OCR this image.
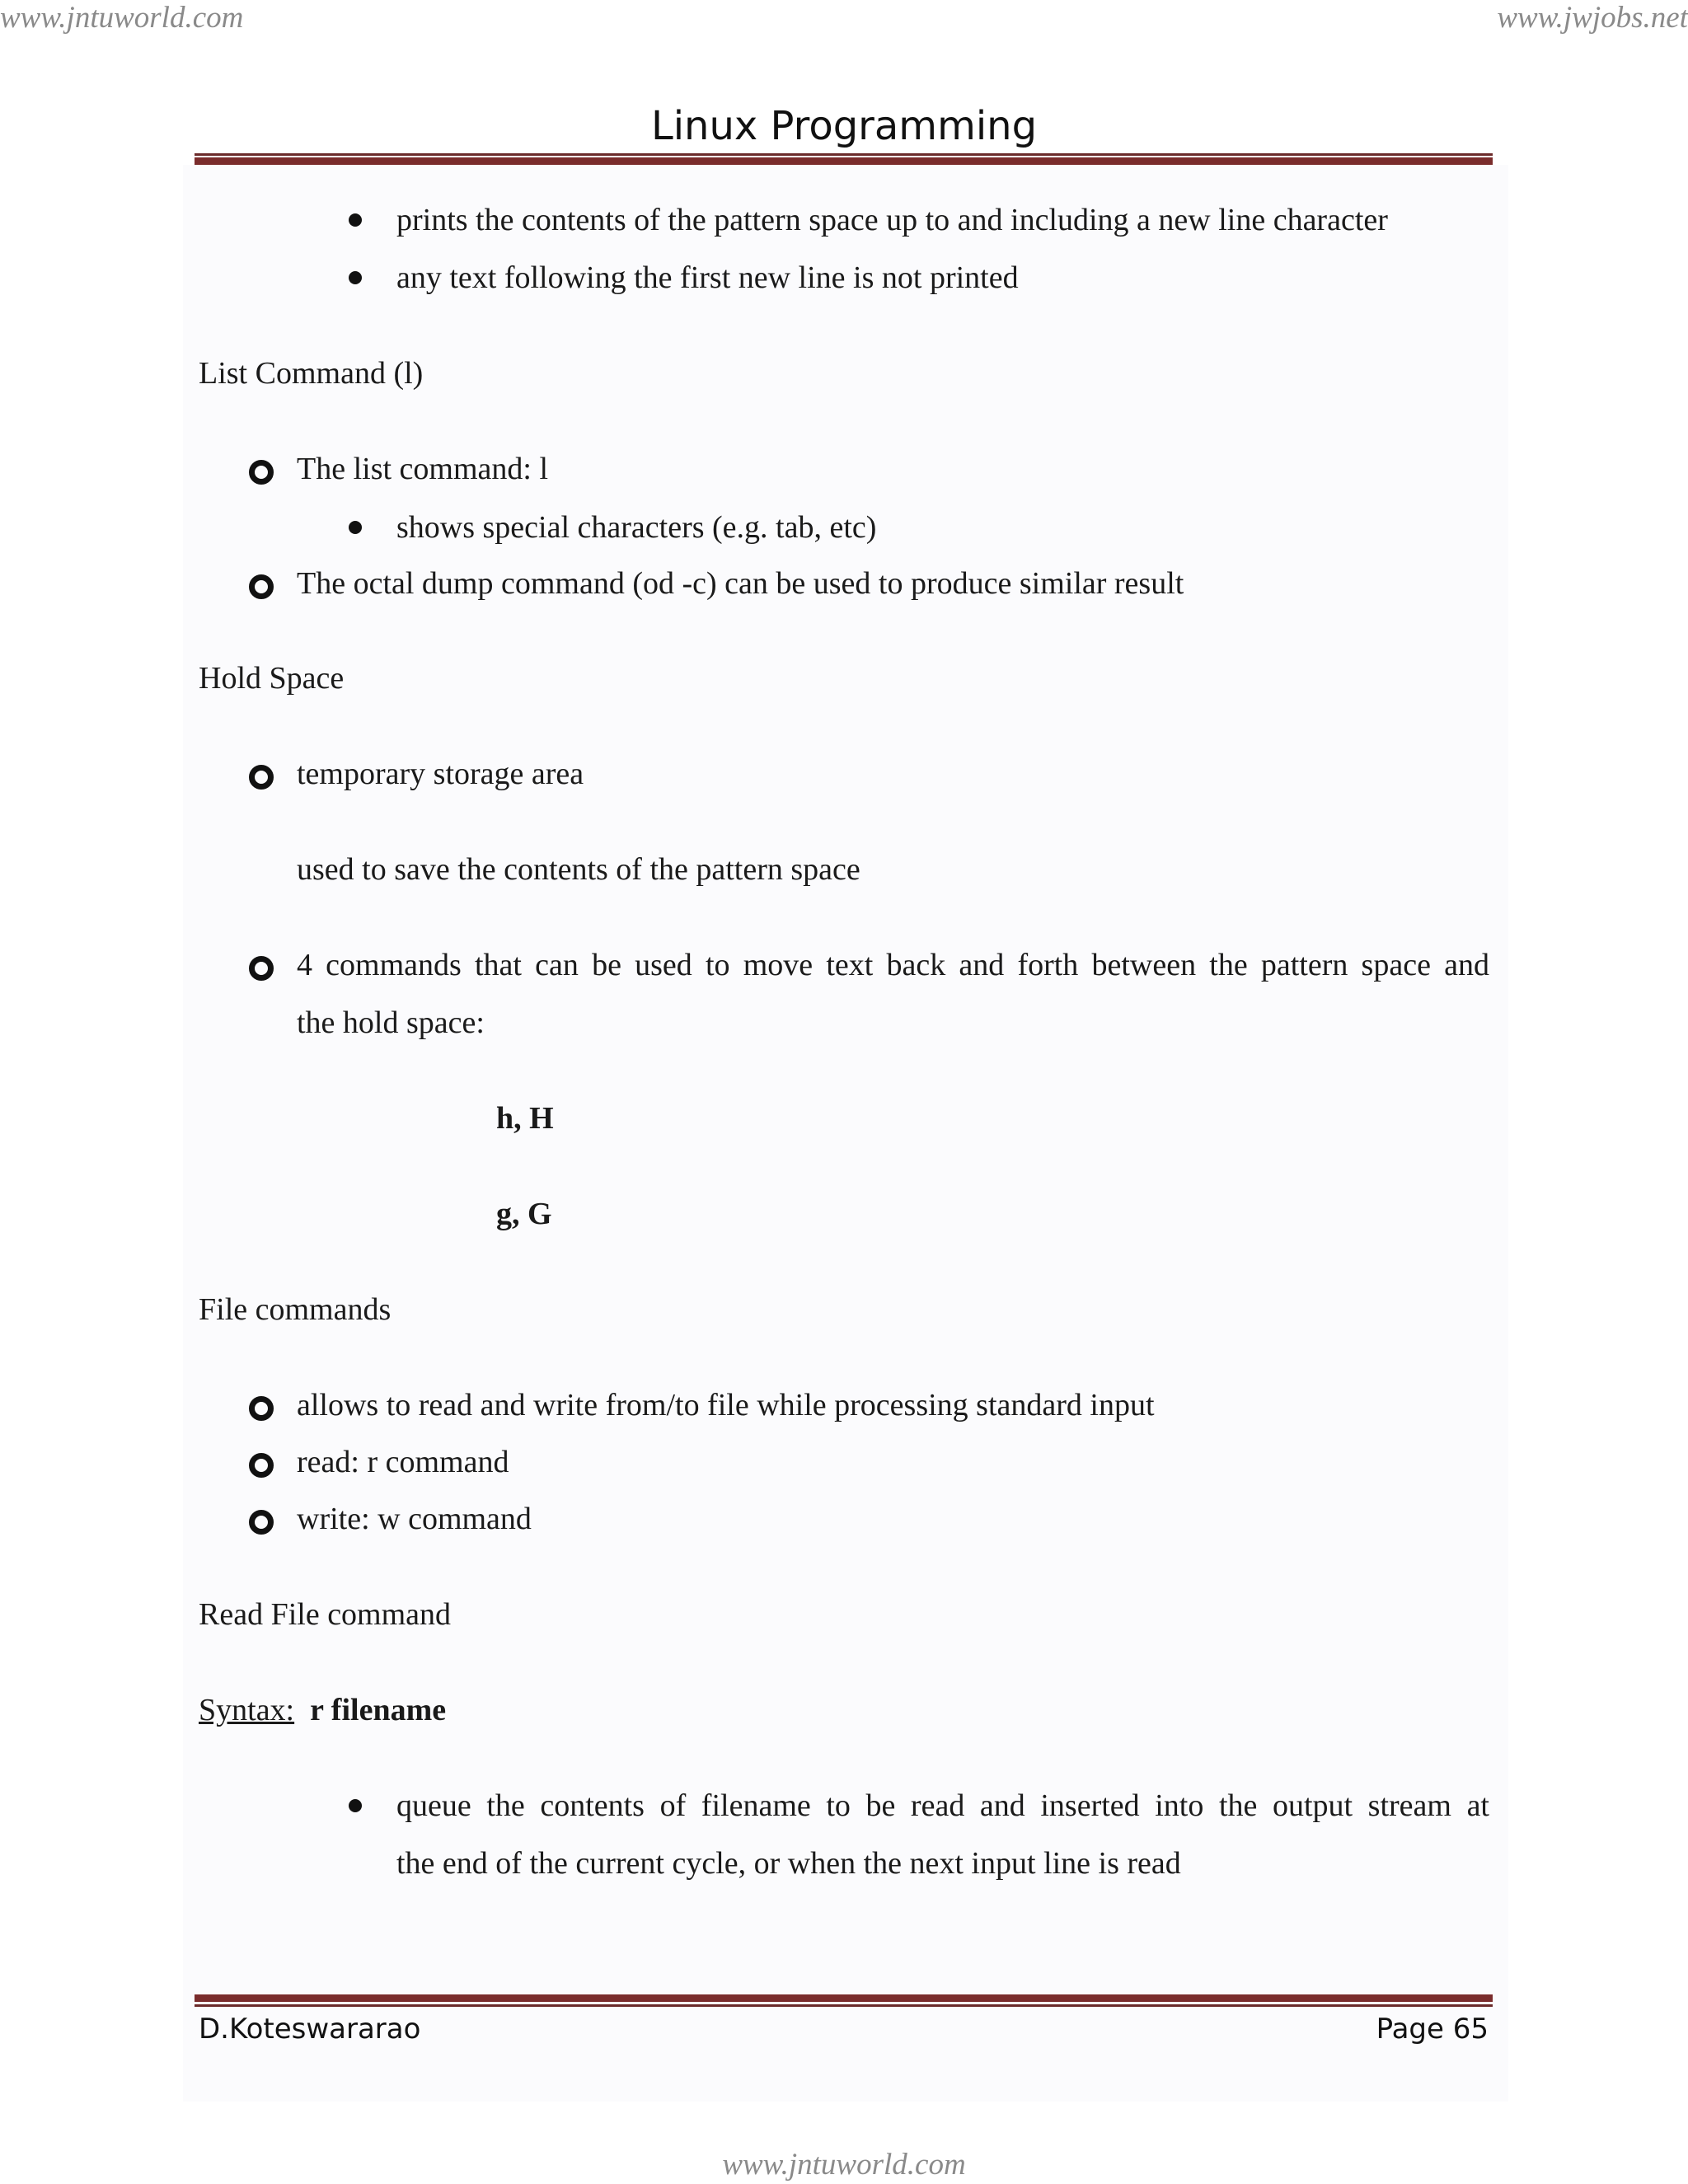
www.jntuworld.com	www.jwjobs.net
www.jntuworld.com
Linux Programming
prints the contents of the pattern space up to and including a new line character
any text following the first new line is not printed
List Command (l)
The list command: l
shows special characters (e.g. tab, etc)
The octal dump command (od -c) can be used to produce similar result
Hold Space
temporary storage area
used to save the contents of the pattern space
4 commands that can be used to move text back and forth between the pattern space and
the hold space:
h, H
g, G
File commands
allows to read and write from/to file while processing standard input
read: r command
write: w command
Read File command
Syntax: r filename
queue the contents of filename to be read and inserted into the output stream at
the end of the current cycle, or when the next input line is read
D.Koteswararao	Page 65
